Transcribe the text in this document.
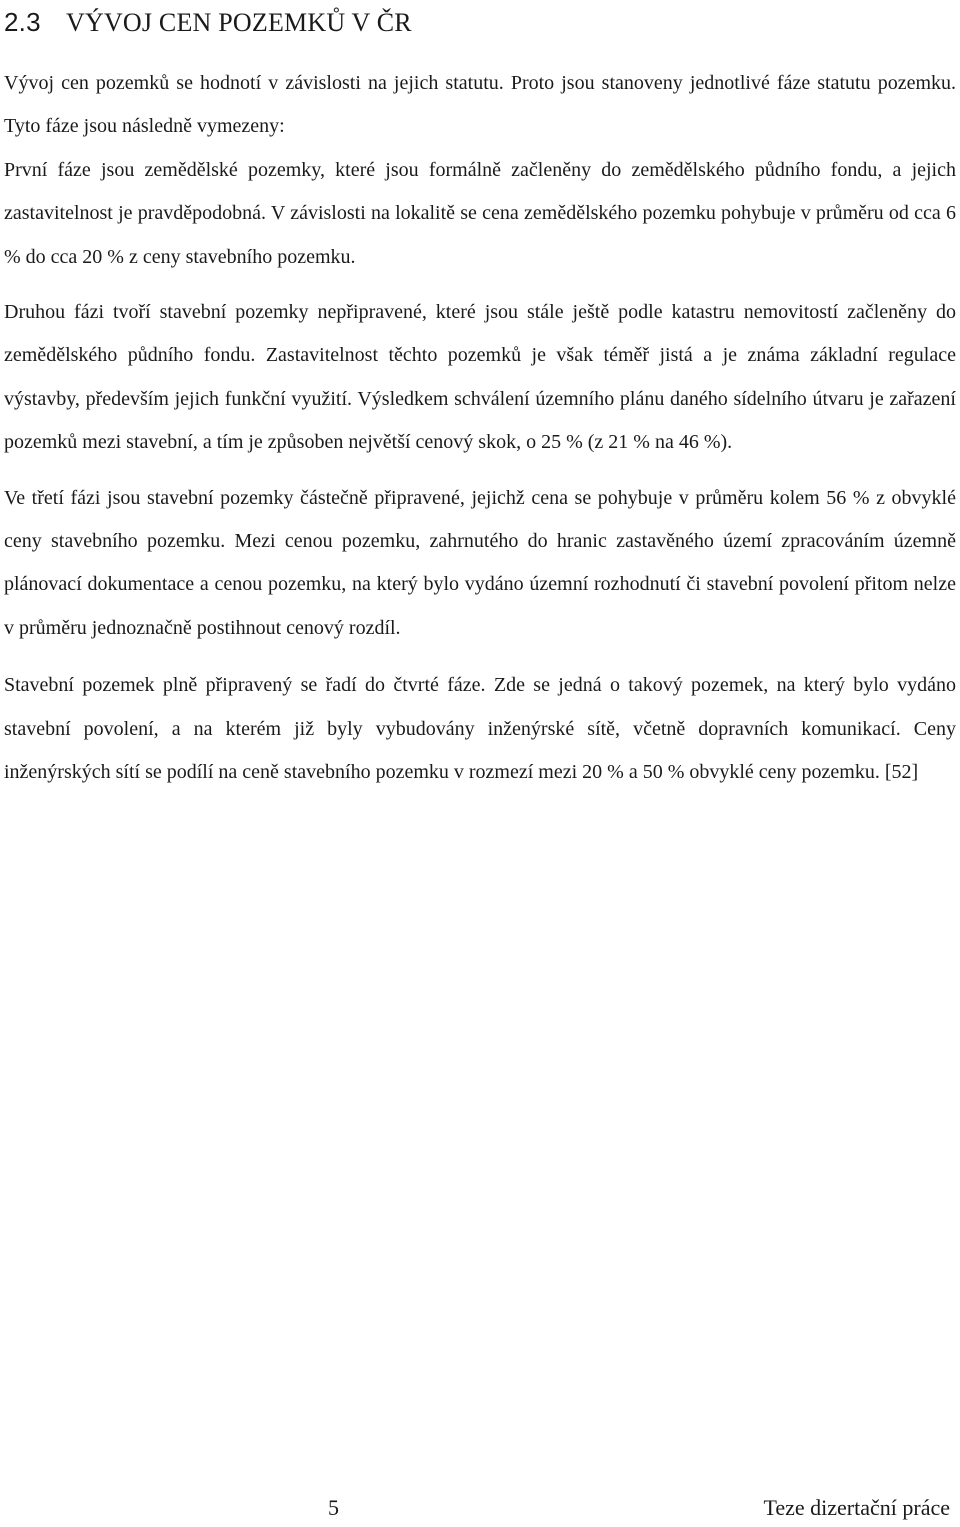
2.3 VÝVOJ CEN POZEMKŮ V ČR

Vývoj cen pozemků se hodnotí v závislosti na jejich statutu. Proto jsou stanoveny jednotlivé fáze statutu pozemku. Tyto fáze jsou následně vymezeny:

První fáze jsou zemědělské pozemky, které jsou formálně začleněny do zemědělského půdního fondu, a jejich zastavitelnost je pravděpodobná. V závislosti na lokalitě se cena zemědělského pozemku pohybuje v průměru od cca 6 % do cca 20 % z ceny stavebního pozemku.

Druhou fázi tvoří stavební pozemky nepřipravené, které jsou stále ještě podle katastru nemovitostí začleněny do zemědělského půdního fondu. Zastavitelnost těchto pozemků je však téměř jistá a je známa základní regulace výstavby, především jejich funkční využití. Výsledkem schválení územního plánu daného sídelního útvaru je zařazení pozemků mezi stavební, a tím je způsoben největší cenový skok, o 25 % (z 21 % na 46 %).

Ve třetí fázi jsou stavební pozemky částečně připravené, jejichž cena se pohybuje v průměru kolem 56 % z obvyklé ceny stavebního pozemku. Mezi cenou pozemku, zahrnutého do hranic zastavěného území zpracováním územně plánovací dokumentace a cenou pozemku, na který bylo vydáno územní rozhodnutí či stavební povolení přitom nelze v průměru jednoznačně postihnout cenový rozdíl.

Stavební pozemek plně připravený se řadí do čtvrté fáze. Zde se jedná o takový pozemek, na který bylo vydáno stavební povolení, a na kterém již byly vybudovány inženýrské sítě, včetně dopravních komunikací. Ceny inženýrských sítí se podílí na ceně stavebního pozemku v rozmezí mezi 20 % a 50 % obvyklé ceny pozemku. [52]

5	Teze dizertační práce
